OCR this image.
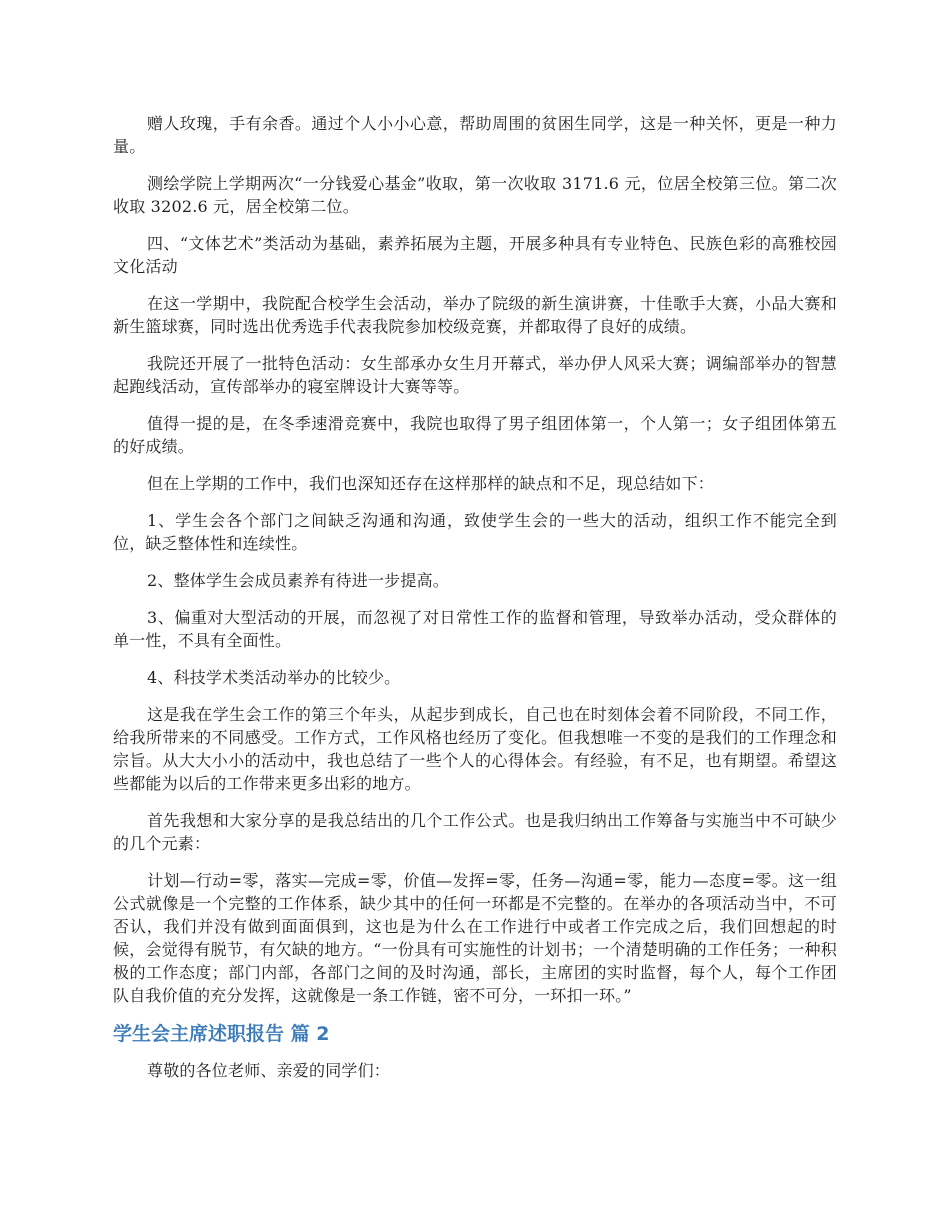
赠人玫瑰，手有余香。通过个人小小心意，帮助周围的贫困生同学，这是一种关怀，更是一种力量。

测绘学院上学期两次“一分钱爱心基金”收取，第一次收取 3171.6 元，位居全校第三位。第二次收取 3202.6 元，居全校第二位。

四、“文体艺术”类活动为基础，素养拓展为主题，开展多种具有专业特色、民族色彩的高雅校园文化活动

在这一学期中，我院配合校学生会活动，举办了院级的新生演讲赛，十佳歌手大赛，小品大赛和新生篮球赛，同时选出优秀选手代表我院参加校级竞赛，并都取得了良好的成绩。

我院还开展了一批特色活动：女生部承办女生月开幕式，举办伊人风采大赛；调编部举办的智慧起跑线活动，宣传部举办的寝室牌设计大赛等等。

值得一提的是，在冬季速滑竞赛中，我院也取得了男子组团体第一，个人第一；女子组团体第五的好成绩。

但在上学期的工作中，我们也深知还存在这样那样的缺点和不足，现总结如下：

1、学生会各个部门之间缺乏沟通和沟通，致使学生会的一些大的活动，组织工作不能完全到位，缺乏整体性和连续性。

2、整体学生会成员素养有待进一步提高。

3、偏重对大型活动的开展，而忽视了对日常性工作的监督和管理，导致举办活动，受众群体的单一性，不具有全面性。

4、科技学术类活动举办的比较少。

这是我在学生会工作的第三个年头，从起步到成长，自己也在时刻体会着不同阶段，不同工作，给我所带来的不同感受。工作方式，工作风格也经历了变化。但我想唯一不变的是我们的工作理念和宗旨。从大大小小的活动中，我也总结了一些个人的心得体会。有经验，有不足，也有期望。希望这些都能为以后的工作带来更多出彩的地方。

首先我想和大家分享的是我总结出的几个工作公式。也是我归纳出工作筹备与实施当中不可缺少的几个元素：

计划—行动=零，落实—完成=零，价值—发挥=零，任务—沟通=零，能力—态度=零。这一组公式就像是一个完整的工作体系，缺少其中的任何一环都是不完整的。在举办的各项活动当中，不可否认，我们并没有做到面面俱到，这也是为什么在工作进行中或者工作完成之后，我们回想起的时候，会觉得有脱节，有欠缺的地方。“一份具有可实施性的计划书；一个清楚明确的工作任务；一种积极的工作态度；部门内部，各部门之间的及时沟通，部长，主席团的实时监督，每个人，每个工作团队自我价值的充分发挥，这就像是一条工作链，密不可分，一环扣一环。”

学生会主席述职报告 篇 2

尊敬的各位老师、亲爱的同学们：
